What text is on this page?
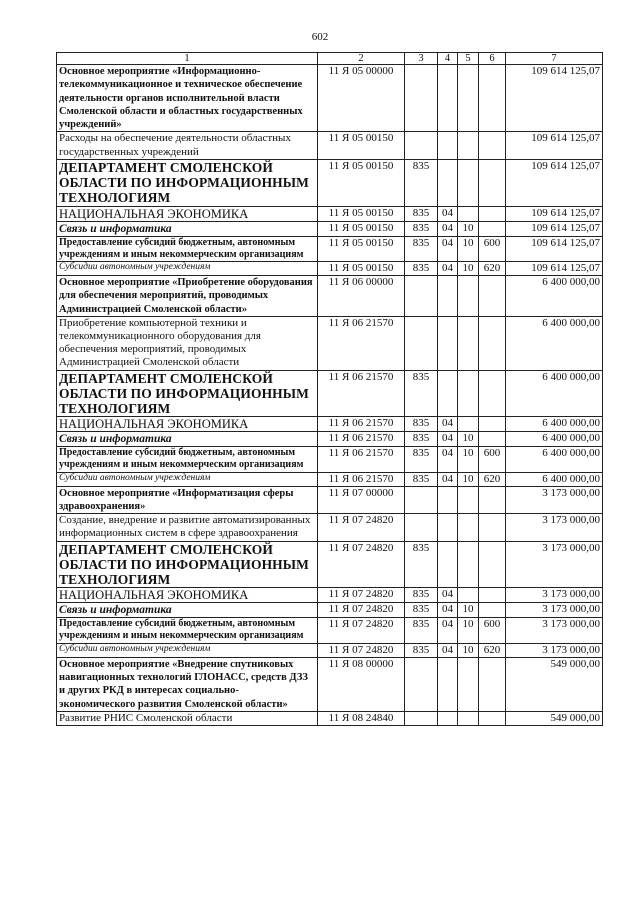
602
1	2	3	4	5	6	7
Основное мероприятие «Информационно-телекоммуникационное и техническое обеспечение деятельности органов исполнительной власти Смоленской области и областных государственных учреждений»	11 Я 05 00000					109 614 125,07
Расходы на обеспечение деятельности областных государственных учреждений	11 Я 05 00150					109 614 125,07
ДЕПАРТАМЕНТ СМОЛЕНСКОЙ ОБЛАСТИ ПО ИНФОРМАЦИОННЫМ ТЕХНОЛОГИЯМ	11 Я 05 00150	835				109 614 125,07
НАЦИОНАЛЬНАЯ ЭКОНОМИКА	11 Я 05 00150	835	04			109 614 125,07
Связь и информатика	11 Я 05 00150	835	04	10		109 614 125,07
Предоставление субсидий бюджетным, автономным учреждениям и иным некоммерческим организациям	11 Я 05 00150	835	04	10	600	109 614 125,07
Субсидии автономным учреждениям	11 Я 05 00150	835	04	10	620	109 614 125,07
Основное мероприятие «Приобретение оборудования для обеспечения мероприятий, проводимых Администрацией Смоленской области»	11 Я 06 00000					6 400 000,00
Приобретение компьютерной техники и телекоммуникационного оборудования для обеспечения мероприятий, проводимых Администрацией Смоленской области	11 Я 06 21570					6 400 000,00
ДЕПАРТАМЕНТ СМОЛЕНСКОЙ ОБЛАСТИ ПО ИНФОРМАЦИОННЫМ ТЕХНОЛОГИЯМ	11 Я 06 21570	835				6 400 000,00
НАЦИОНАЛЬНАЯ ЭКОНОМИКА	11 Я 06 21570	835	04			6 400 000,00
Связь и информатика	11 Я 06 21570	835	04	10		6 400 000,00
Предоставление субсидий бюджетным, автономным учреждениям и иным некоммерческим организациям	11 Я 06 21570	835	04	10	600	6 400 000,00
Субсидии автономным учреждениям	11 Я 06 21570	835	04	10	620	6 400 000,00
Основное мероприятие «Информатизация сферы здравоохранения»	11 Я 07 00000					3 173 000,00
Создание, внедрение и развитие автоматизированных информационных систем в сфере здравоохранения	11 Я 07 24820					3 173 000,00
ДЕПАРТАМЕНТ СМОЛЕНСКОЙ ОБЛАСТИ ПО ИНФОРМАЦИОННЫМ ТЕХНОЛОГИЯМ	11 Я 07 24820	835				3 173 000,00
НАЦИОНАЛЬНАЯ ЭКОНОМИКА	11 Я 07 24820	835	04			3 173 000,00
Связь и информатика	11 Я 07 24820	835	04	10		3 173 000,00
Предоставление субсидий бюджетным, автономным учреждениям и иным некоммерческим организациям	11 Я 07 24820	835	04	10	600	3 173 000,00
Субсидии автономным учреждениям	11 Я 07 24820	835	04	10	620	3 173 000,00
Основное мероприятие «Внедрение спутниковых навигационных технологий ГЛОНАСС, средств ДЗЗ и других РКД в интересах социально-экономического развития Смоленской области»	11 Я 08 00000					549 000,00
Развитие РНИС Смоленской области	11 Я 08 24840					549 000,00
